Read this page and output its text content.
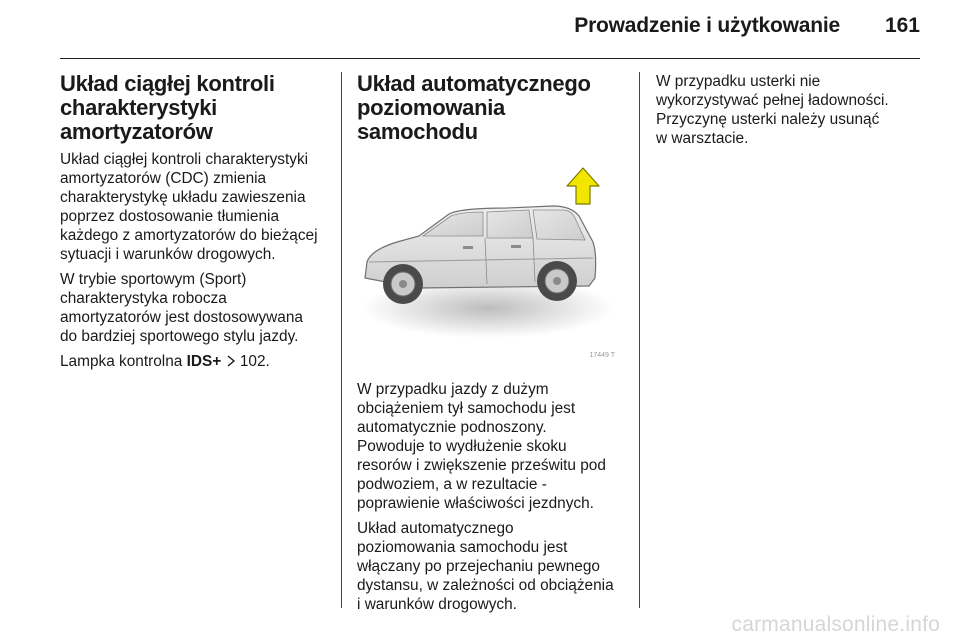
Prowadzenie i użytkowanie	161
Układ ciągłej kontroli
charakterystyki
amortyzatorów

Układ ciągłej kontroli charakterystyki
amortyzatorów (CDC) zmienia
charakterystykę układu zawieszenia
poprzez dostosowanie tłumienia
każdego z amortyzatorów do bieżącej
sytuacji i warunków drogowych.

W trybie sportowym (Sport)
charakterystyka robocza
amortyzatorów jest dostosowywana
do bardziej sportowego stylu jazdy.

Lampka kontrolna IDS+  102.

Układ automatycznego
poziomowania samochodu
17449 T

W przypadku jazdy z dużym
obciążeniem tył samochodu jest
automatycznie podnoszony.
Powoduje to wydłużenie skoku
resorów i zwiększenie prześwitu pod
podwoziem, a w rezultacie -
poprawienie właściwości jezdnych.

Układ automatycznego
poziomowania samochodu jest
włączany po przejechaniu pewnego
dystansu, w zależności od obciążenia
i warunków drogowych.

W przypadku usterki nie
wykorzystywać pełnej ładowności.
Przyczynę usterki należy usunąć
w warsztacie.

carmanualsonline.info
